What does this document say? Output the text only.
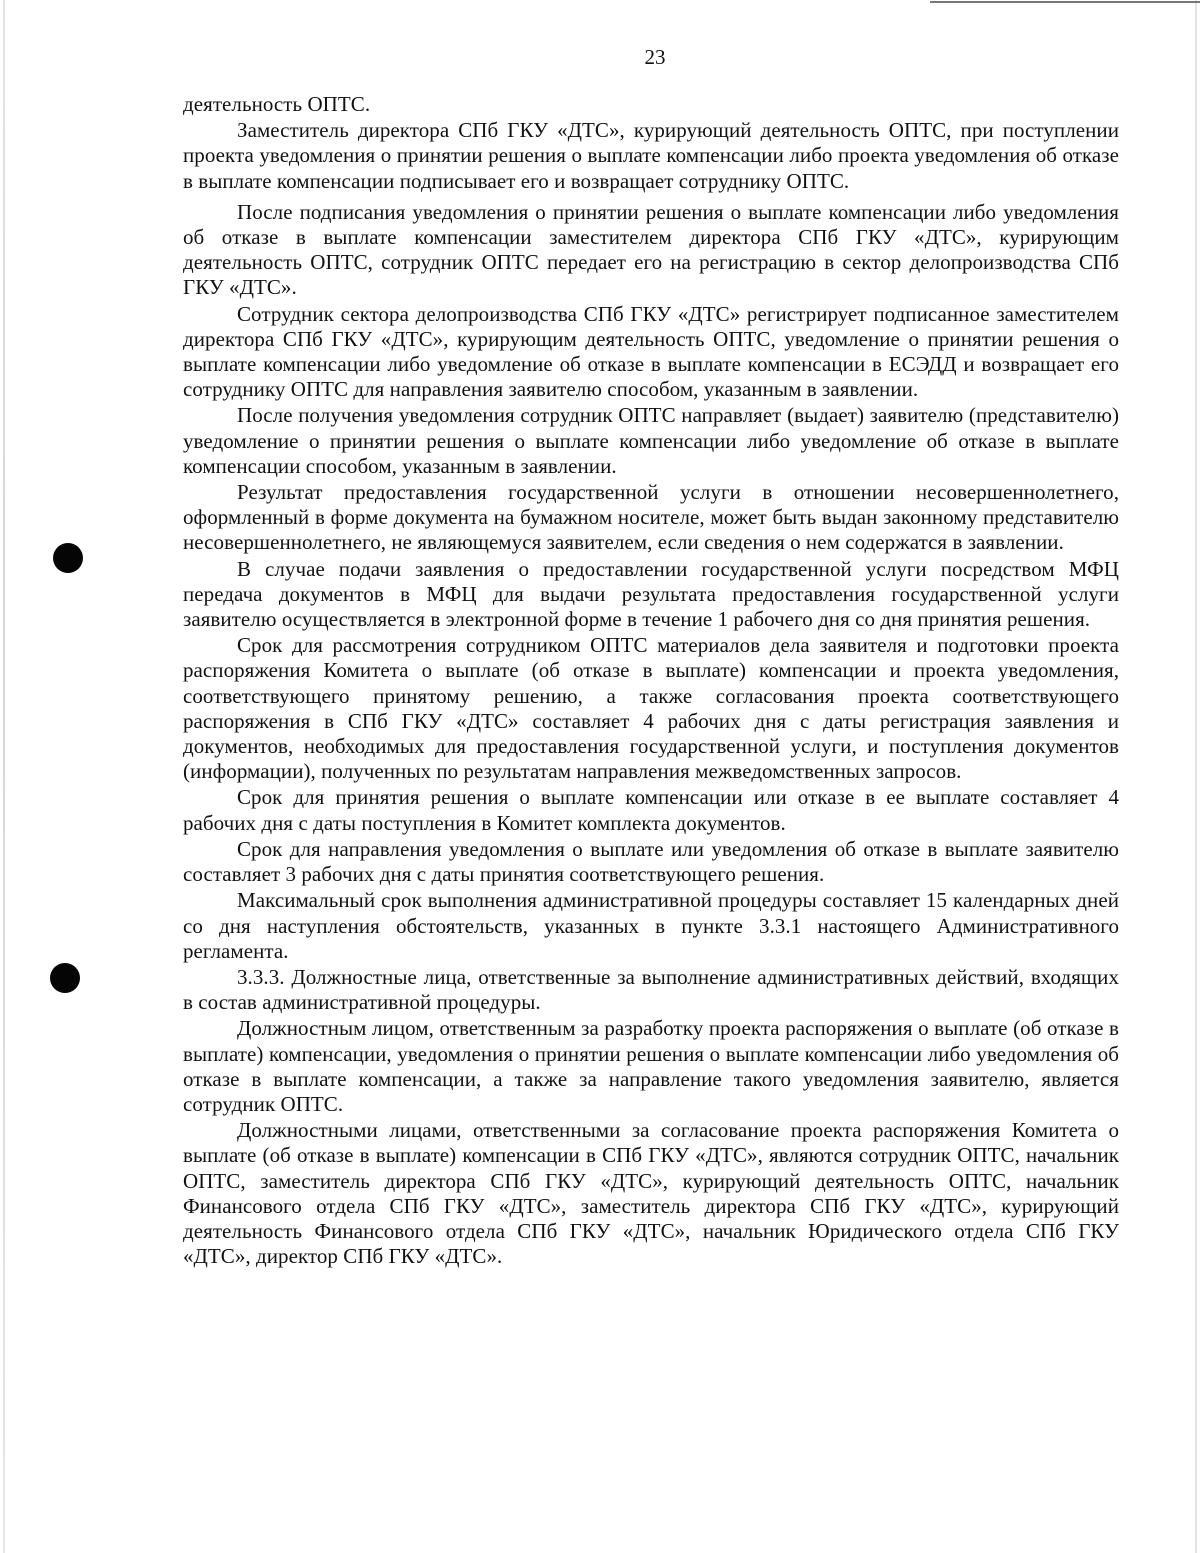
23

деятельность ОПТС.

Заместитель директора СПб ГКУ «ДТС», курирующий деятельность ОПТС, при поступлении проекта уведомления о принятии решения о выплате компенсации либо проекта уведомления об отказе в выплате компенсации подписывает его и возвращает сотруднику ОПТС.

После подписания уведомления о принятии решения о выплате компенсации либо уведомления об отказе в выплате компенсации заместителем директора СПб ГКУ «ДТС», курирующим деятельность ОПТС, сотрудник ОПТС передает его на регистрацию в сектор делопроизводства СПб ГКУ «ДТС».

Сотрудник сектора делопроизводства СПб ГКУ «ДТС» регистрирует подписанное заместителем директора СПб ГКУ «ДТС», курирующим деятельность ОПТС, уведомление о принятии решения о выплате компенсации либо уведомление об отказе в выплате компенсации в ЕСЭДД и возвращает его сотруднику ОПТС для направления заявителю способом, указанным в заявлении.

После получения уведомления сотрудник ОПТС направляет (выдает) заявителю (представителю) уведомление о принятии решения о выплате компенсации либо уведомление об отказе в выплате компенсации способом, указанным в заявлении.

Результат предоставления государственной услуги в отношении несовершеннолетнего, оформленный в форме документа на бумажном носителе, может быть выдан законному представителю несовершеннолетнего, не являющемуся заявителем, если сведения о нем содержатся в заявлении.

В случае подачи заявления о предоставлении государственной услуги посредством МФЦ передача документов в МФЦ для выдачи результата предоставления государственной услуги заявителю осуществляется в электронной форме в течение 1 рабочего дня со дня принятия решения.

Срок для рассмотрения сотрудником ОПТС материалов дела заявителя и подготовки проекта распоряжения Комитета о выплате (об отказе в выплате) компенсации и проекта уведомления, соответствующего принятому решению, а также согласования проекта соответствующего распоряжения в СПб ГКУ «ДТС» составляет 4 рабочих дня с даты регистрация заявления и документов, необходимых для предоставления государственной услуги, и поступления документов (информации), полученных по результатам направления межведомственных запросов.

Срок для принятия решения о выплате компенсации или отказе в ее выплате составляет 4 рабочих дня с даты поступления в Комитет комплекта документов.

Срок для направления уведомления о выплате или уведомления об отказе в выплате заявителю составляет 3 рабочих дня с даты принятия соответствующего решения.

Максимальный срок выполнения административной процедуры составляет 15 календарных дней со дня наступления обстоятельств, указанных в пункте 3.3.1 настоящего Административного регламента.

3.3.3. Должностные лица, ответственные за выполнение административных действий, входящих в состав административной процедуры.

Должностным лицом, ответственным за разработку проекта распоряжения о выплате (об отказе в выплате) компенсации, уведомления о принятии решения о выплате компенсации либо уведомления об отказе в выплате компенсации, а также за направление такого уведомления заявителю, является сотрудник ОПТС.

Должностными лицами, ответственными за согласование проекта распоряжения Комитета о выплате (об отказе в выплате) компенсации в СПб ГКУ «ДТС», являются сотрудник ОПТС, начальник ОПТС, заместитель директора СПб ГКУ «ДТС», курирующий деятельность ОПТС, начальник Финансового отдела СПб ГКУ «ДТС», заместитель директора СПб ГКУ «ДТС», курирующий деятельность Финансового отдела СПб ГКУ «ДТС», начальник Юридического отдела СПб ГКУ «ДТС», директор СПб ГКУ «ДТС».
